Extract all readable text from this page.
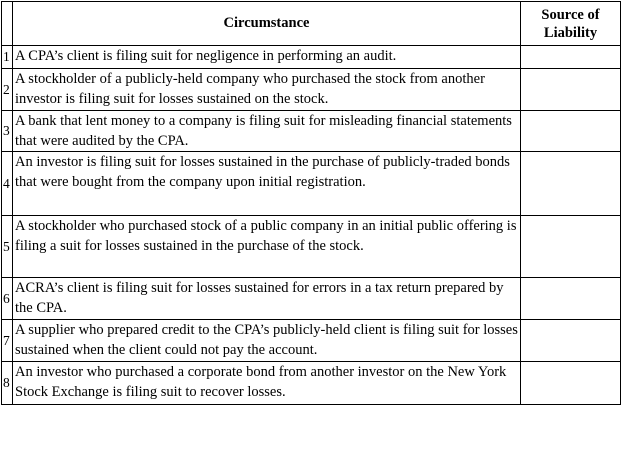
	Circumstance	Source of Liability
1	A CPA’s client is filing suit for negligence in performing an audit.	
2	A stockholder of a publicly-held company who purchased the stock from another investor is filing suit for losses sustained on the stock.	
3	A bank that lent money to a company is filing suit for misleading financial statements that were audited by the CPA.	
4	An investor is filing suit for losses sustained in the purchase of publicly-traded bonds that were bought from the company upon initial registration.	
5	A stockholder who purchased stock of a public company in an initial public offering is filing a suit for losses sustained in the purchase of the stock.	
6	ACRA’s client is filing suit for losses sustained for errors in a tax return prepared by the CPA.	
7	A supplier who prepared credit to the CPA’s publicly-held client is filing suit for losses sustained when the client could not pay the account.	
8	An investor who purchased a corporate bond from another investor on the New York Stock Exchange is filing suit to recover losses.	
